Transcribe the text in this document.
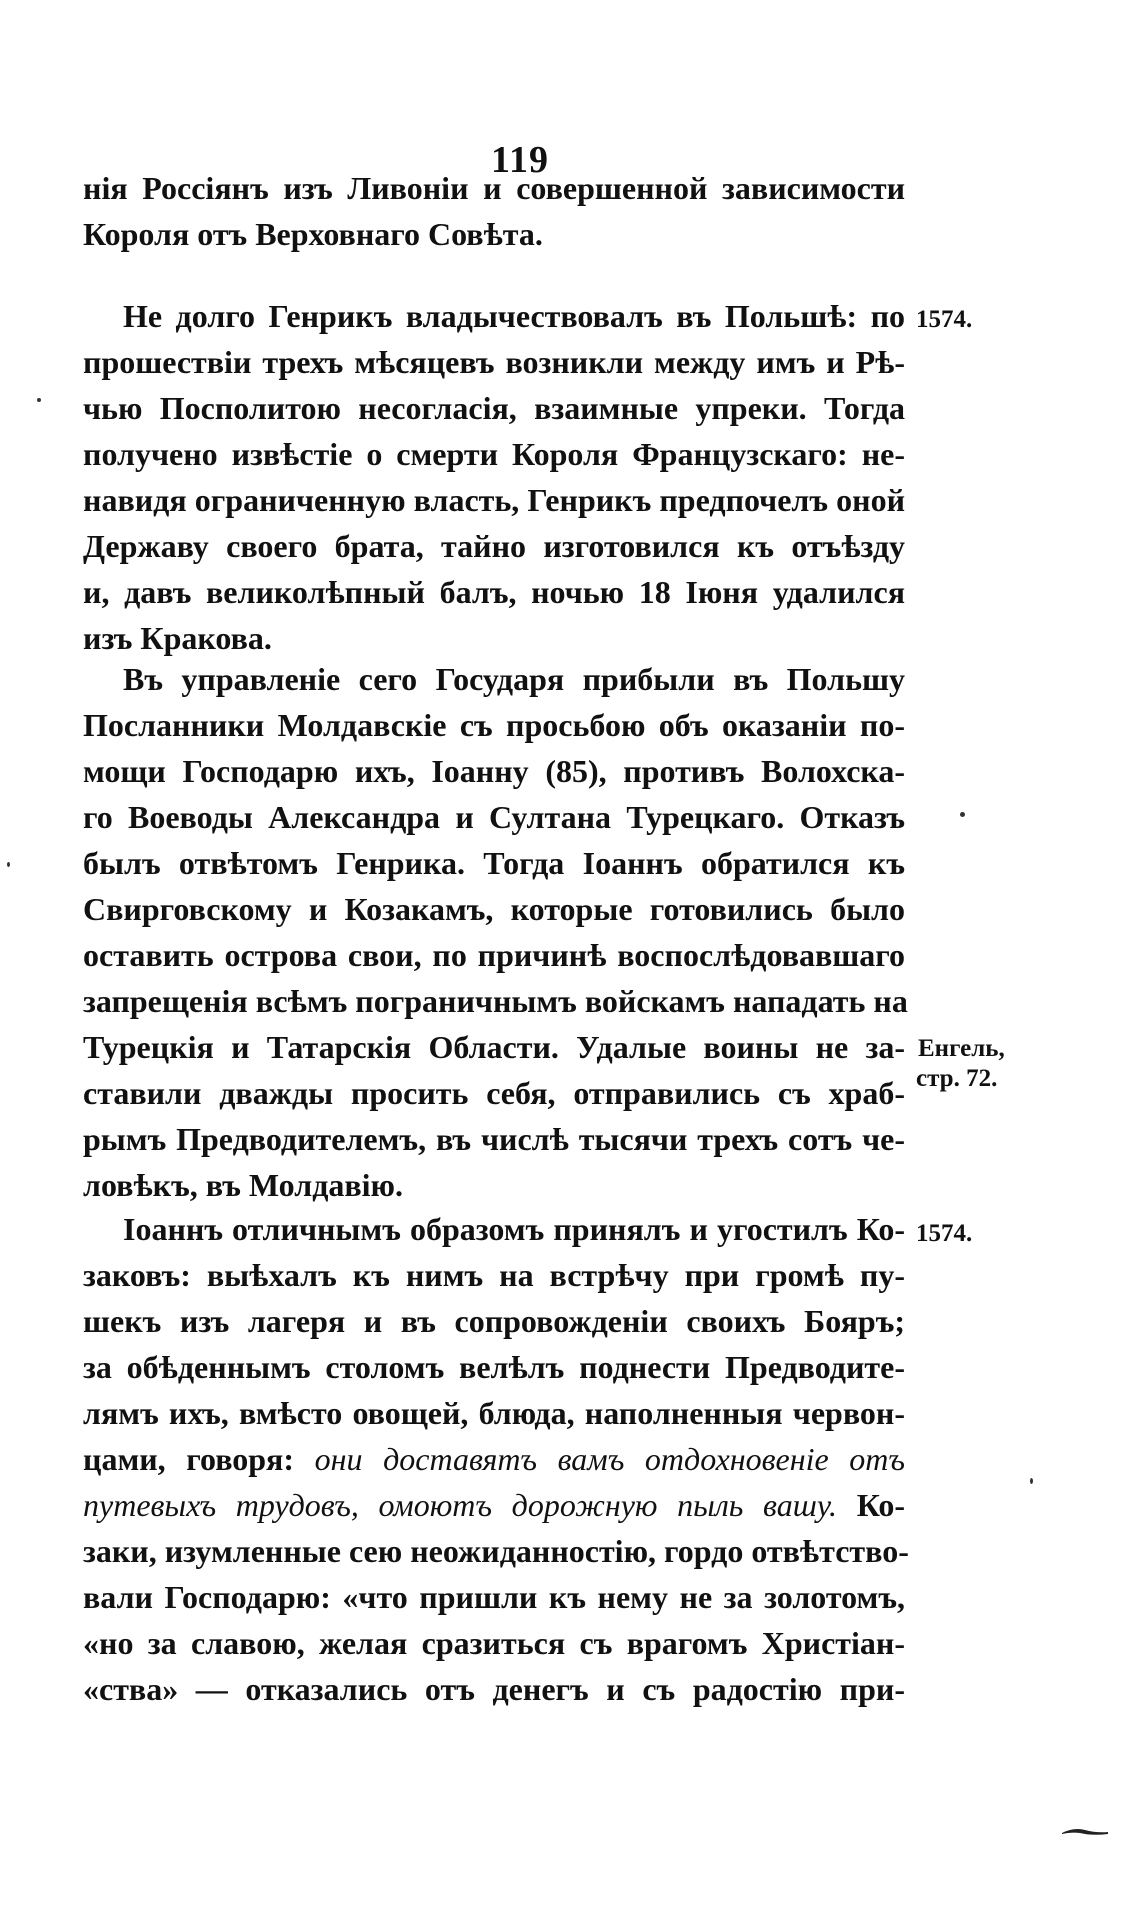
119
нія Россіянъ изъ Ливоніи и совершенной зависимости
Короля отъ Верховнаго Совѣта.
Не долго Генрикъ владычествовалъ въ Польшѣ: по
прошествіи трехъ мѣсяцевъ возникли между имъ и Рѣ-
чью Посполитою несогласія, взаимные упреки. Тогда
получено извѣстіе о смерти Короля Французскаго: не-
навидя ограниченную власть, Генрикъ предпочелъ оной
Державу своего брата, тайно изготовился къ отъѣзду
и, давъ великолѣпный балъ, ночью 18 Іюня удалился
изъ Кракова.
Въ управленіе сего Государя прибыли въ Польшу
Посланники Молдавскіе съ просьбою объ оказаніи по-
мощи Господарю ихъ, Іоанну (85), противъ Волохска-
го Воеводы Александра и Султана Турецкаго. Отказъ
былъ отвѣтомъ Генрика. Тогда Іоаннъ обратился къ
Свирговскому и Козакамъ, которые готовились было
оставить острова свои, по причинѣ воспослѣдовавшаго
запрещенія всѣмъ пограничнымъ войскамъ нападать на
Турецкія и Татарскія Области. Удалые воины не за-
ставили дважды просить себя, отправились съ храб-
рымъ Предводителемъ, въ числѣ тысячи трехъ сотъ че-
ловѣкъ, въ Молдавію.
Іоаннъ отличнымъ образомъ принялъ и угостилъ Ко-
заковъ: выѣхалъ къ нимъ на встрѣчу при громѣ пу-
шекъ изъ лагеря и въ сопровожденіи своихъ Бояръ;
за обѣденнымъ столомъ велѣлъ поднести Предводите-
лямъ ихъ, вмѣсто овощей, блюда, наполненныя червон-
цами, говоря: они доставятъ вамъ отдохновеніе отъ
путевыхъ трудовъ, омоютъ дорожную пыль вашу. Ко-
заки, изумленные сею неожиданностію, гордо отвѣтство-
вали Господарю: «что пришли къ нему не за золотомъ,
«но за славою, желая сразиться съ врагомъ Христіан-
«ства» — отказались отъ денегъ и съ радостію при-
1574.
Енгель,
стр. 72.
1574.
